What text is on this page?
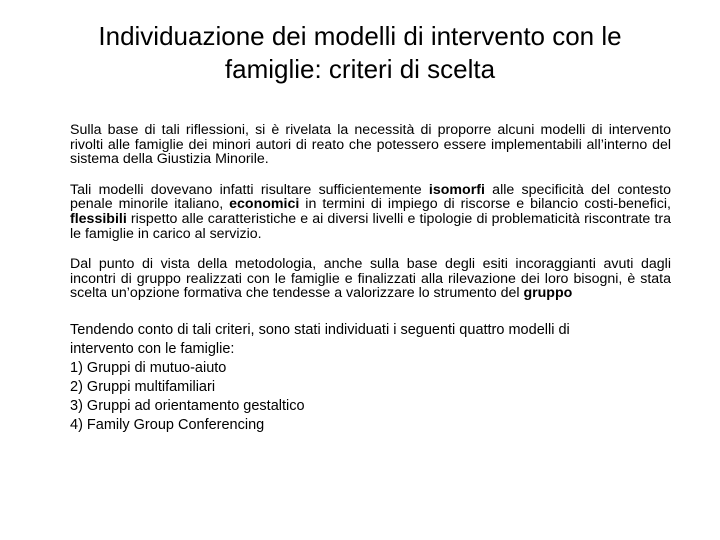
Individuazione dei modelli di intervento con le
famiglie: criteri di scelta

Sulla base di tali riflessioni, si è rivelata la necessità di proporre alcuni modelli di intervento rivolti alle famiglie dei minori autori di reato che potessero essere implementabili all’interno del sistema della Giustizia Minorile.

Tali modelli dovevano infatti risultare sufficientemente isomorfi alle specificità del contesto penale minorile italiano, economici in termini di impiego di riscorse e bilancio costi-benefici, flessibili rispetto alle caratteristiche e ai diversi livelli e tipologie di problematicità riscontrate tra le famiglie in carico al servizio.

Dal punto di vista della metodologia, anche sulla base degli esiti incoraggianti avuti dagli incontri di gruppo realizzati con le famiglie e finalizzati alla rilevazione dei loro bisogni, è stata scelta un’opzione formativa che tendesse a valorizzare lo strumento del gruppo

Tendendo conto di tali criteri, sono stati individuati i seguenti quattro modelli di
intervento con le famiglie:
1) Gruppi di mutuo-aiuto
2) Gruppi multifamiliari
3) Gruppi ad orientamento gestaltico
4) Family Group Conferencing
